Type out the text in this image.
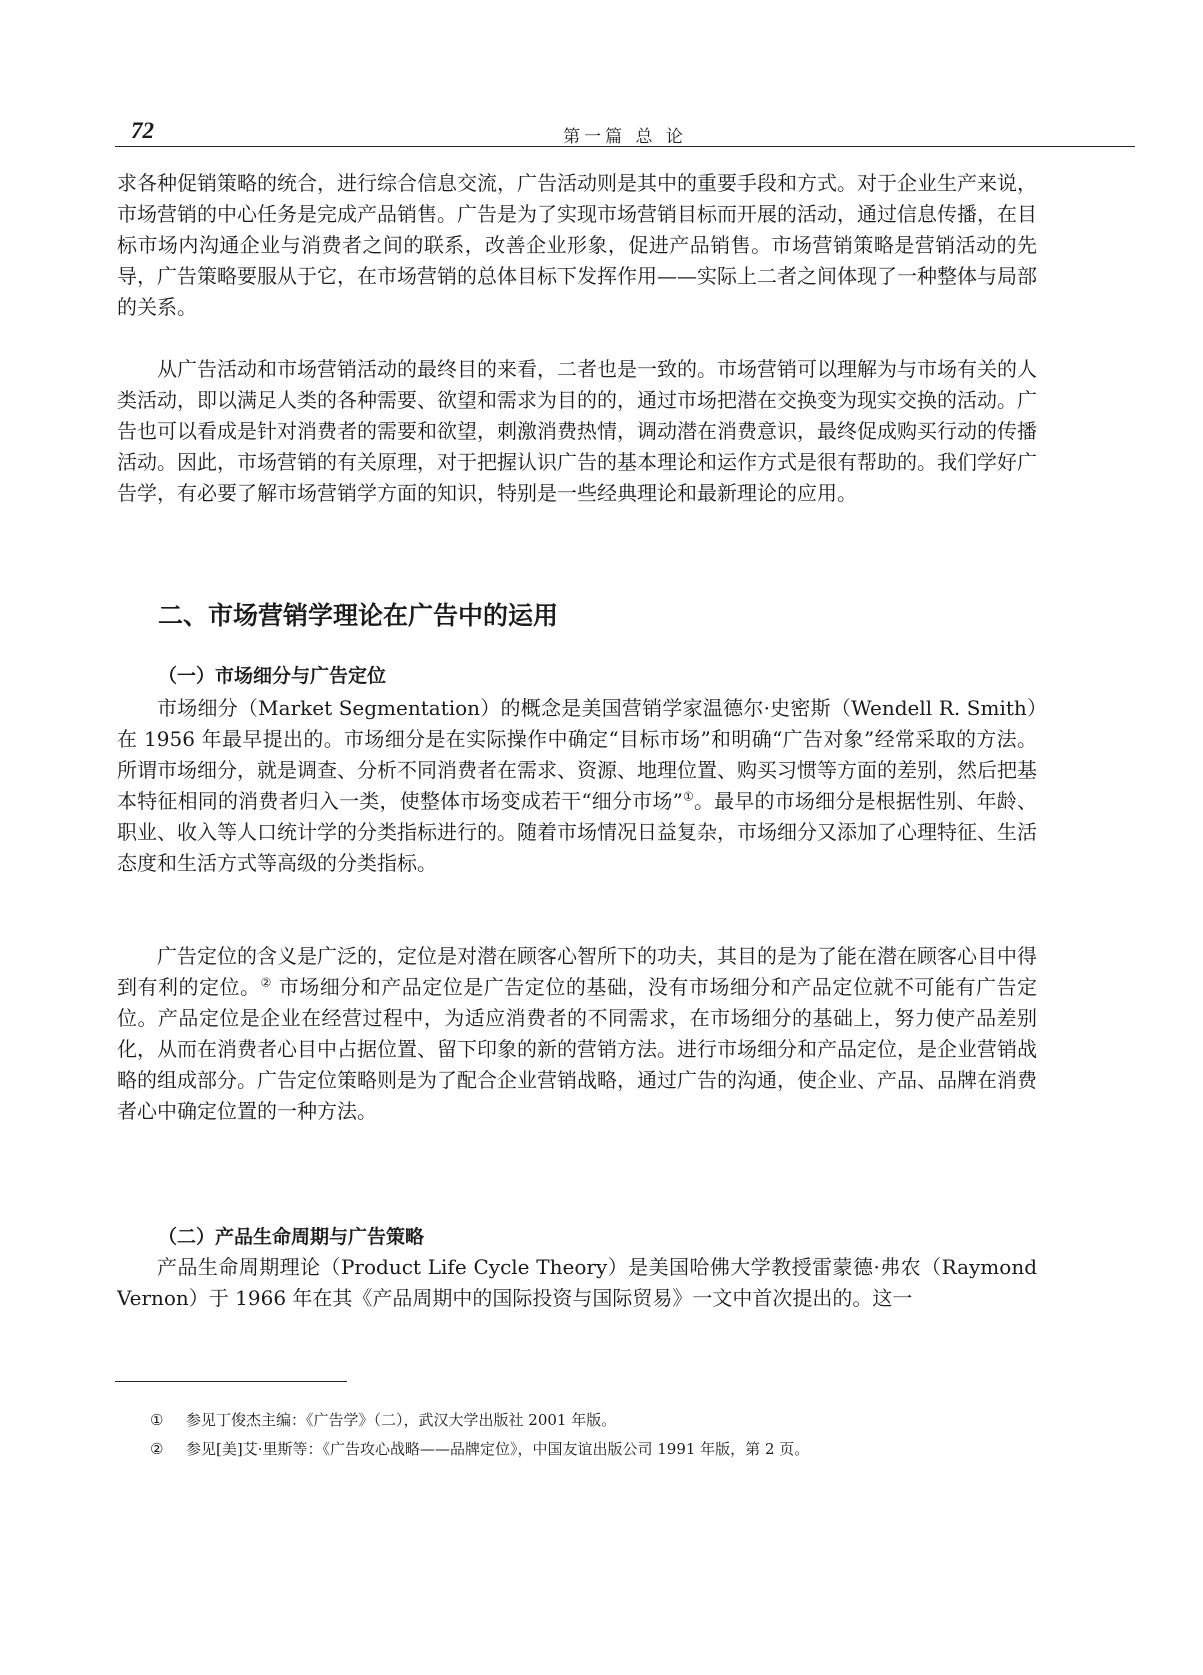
72	第一篇 总 论

求各种促销策略的统合，进行综合信息交流，广告活动则是其中的重要手段和方式。对于企业生产来说，市场营销的中心任务是完成产品销售。广告是为了实现市场营销目标而开展的活动，通过信息传播，在目标市场内沟通企业与消费者之间的联系，改善企业形象，促进产品销售。市场营销策略是营销活动的先导，广告策略要服从于它，在市场营销的总体目标下发挥作用——实际上二者之间体现了一种整体与局部的关系。

从广告活动和市场营销活动的最终目的来看，二者也是一致的。市场营销可以理解为与市场有关的人类活动，即以满足人类的各种需要、欲望和需求为目的的，通过市场把潜在交换变为现实交换的活动。广告也可以看成是针对消费者的需要和欲望，刺激消费热情，调动潜在消费意识，最终促成购买行动的传播活动。因此，市场营销的有关原理，对于把握认识广告的基本理论和运作方式是很有帮助的。我们学好广告学，有必要了解市场营销学方面的知识，特别是一些经典理论和最新理论的应用。

二、市场营销学理论在广告中的运用
（一）市场细分与广告定位

市场细分（Market Segmentation）的概念是美国营销学家温德尔·史密斯（Wendell R. Smith）在 1956 年最早提出的。市场细分是在实际操作中确定“目标市场”和明确“广告对象”经常采取的方法。所谓市场细分，就是调查、分析不同消费者在需求、资源、地理位置、购买习惯等方面的差别，然后把基本特征相同的消费者归入一类，使整体市场变成若干“细分市场”①。最早的市场细分是根据性别、年龄、职业、收入等人口统计学的分类指标进行的。随着市场情况日益复杂，市场细分又添加了心理特征、生活态度和生活方式等高级的分类指标。

广告定位的含义是广泛的，定位是对潜在顾客心智所下的功夫，其目的是为了能在潜在顾客心目中得到有利的定位。② 市场细分和产品定位是广告定位的基础，没有市场细分和产品定位就不可能有广告定位。产品定位是企业在经营过程中，为适应消费者的不同需求，在市场细分的基础上，努力使产品差别化，从而在消费者心目中占据位置、留下印象的新的营销方法。进行市场细分和产品定位，是企业营销战略的组成部分。广告定位策略则是为了配合企业营销战略，通过广告的沟通，使企业、产品、品牌在消费者心中确定位置的一种方法。

（二）产品生命周期与广告策略

产品生命周期理论（Product Life Cycle Theory）是美国哈佛大学教授雷蒙德·弗农（Raymond Vernon）于 1966 年在其《产品周期中的国际投资与国际贸易》一文中首次提出的。这一

① 参见丁俊杰主编：《广告学》（二），武汉大学出版社 2001 年版。

② 参见[美]艾·里斯等：《广告攻心战略——品牌定位》，中国友谊出版公司 1991 年版，第 2 页。
